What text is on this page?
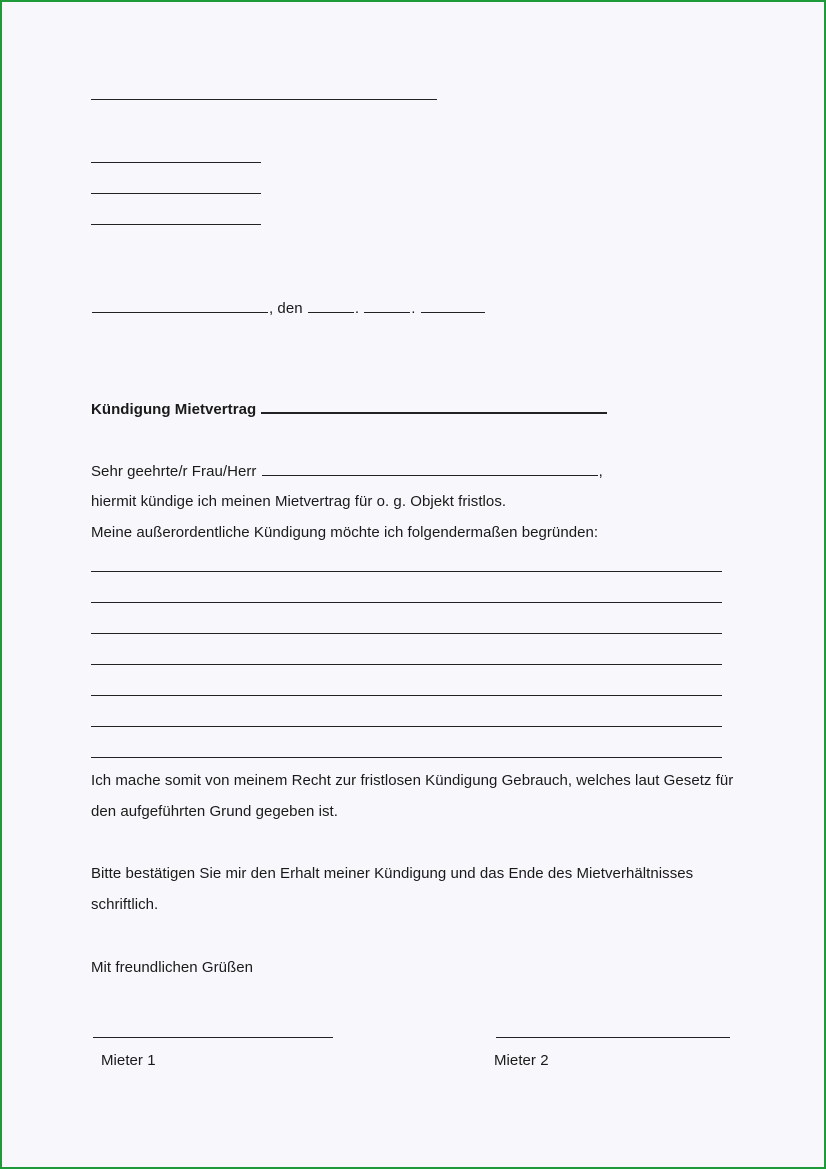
, den	.	.
Kündigung Mietvertrag
Sehr geehrte/r Frau/Herr	,
hiermit kündige ich meinen Mietvertrag für o. g. Objekt fristlos.
Meine außerordentliche Kündigung möchte ich folgendermaßen begründen:
Ich mache somit von meinem Recht zur fristlosen Kündigung Gebrauch, welches laut Gesetz für
den aufgeführten Grund gegeben ist.
Bitte bestätigen Sie mir den Erhalt meiner Kündigung und das Ende des Mietverhältnisses
schriftlich.
Mit freundlichen Grüßen
Mieter 1	Mieter 2
